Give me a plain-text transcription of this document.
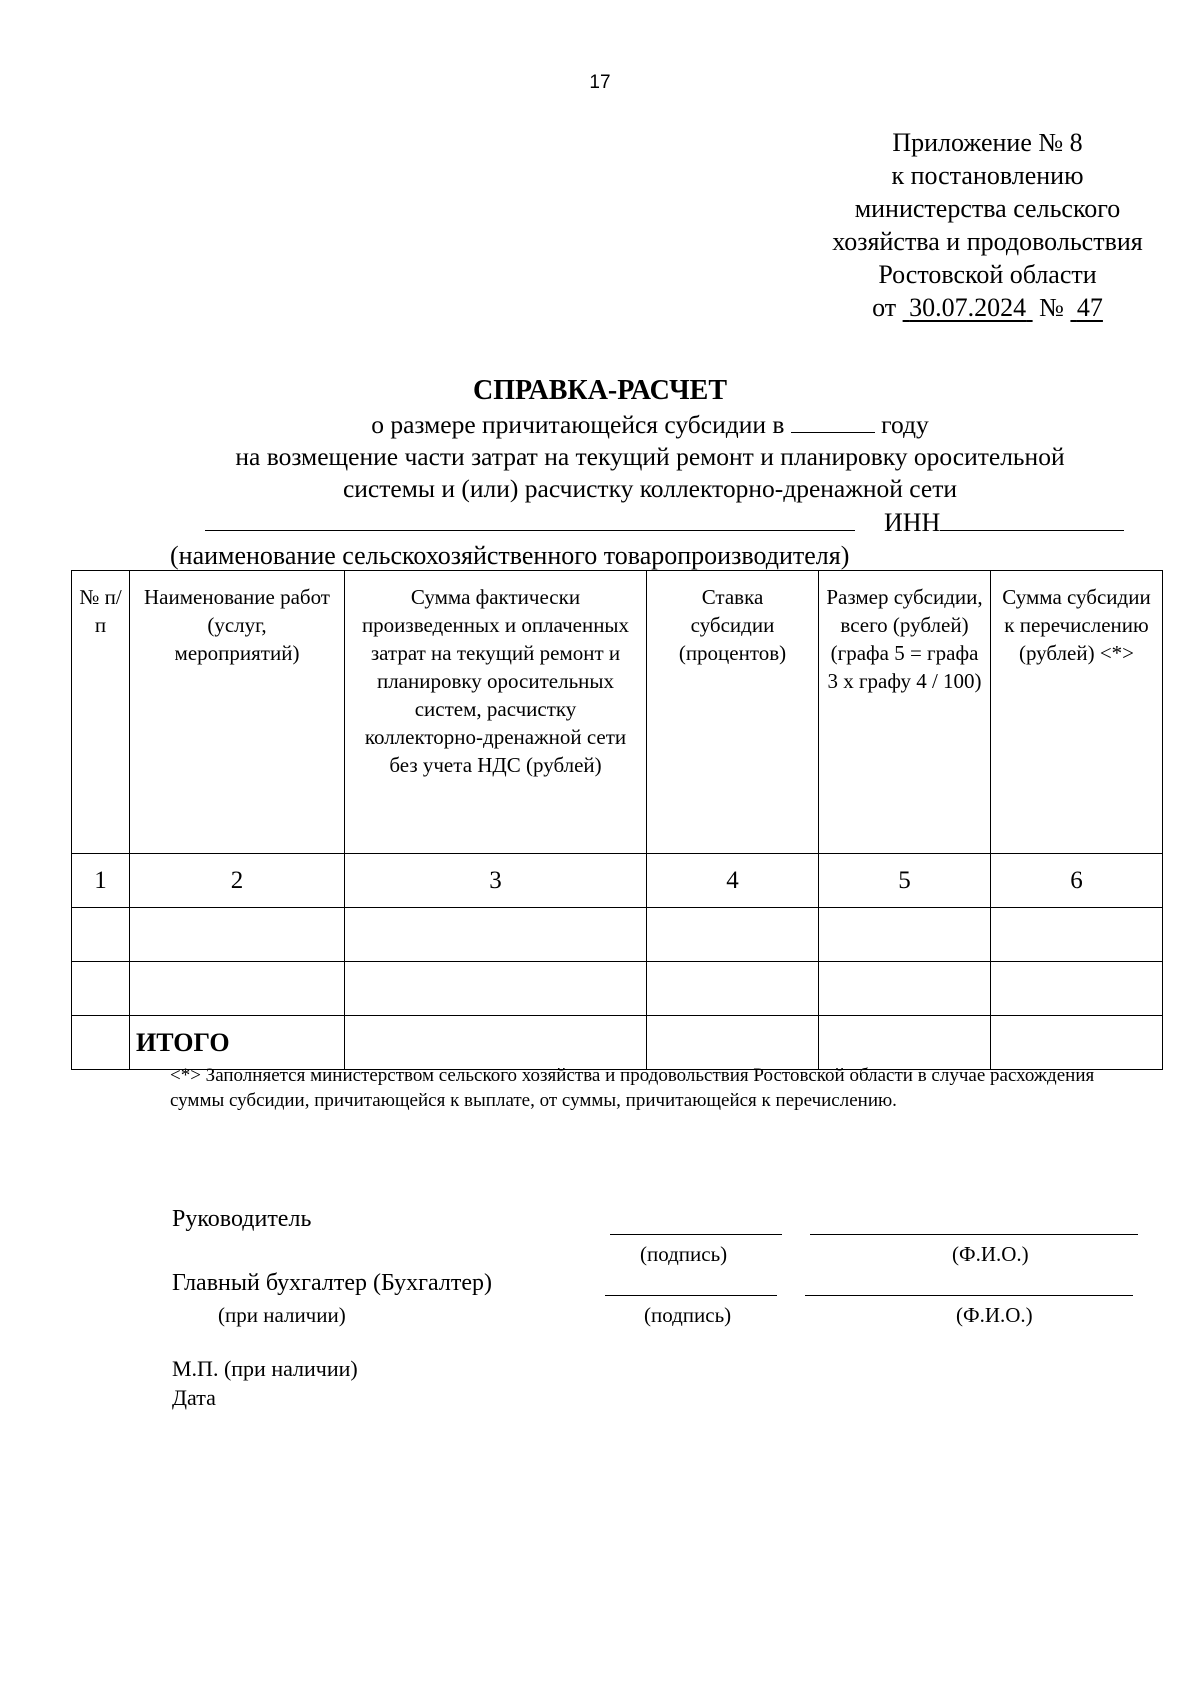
17
Приложение № 8
к постановлению
министерства сельского
хозяйства и продовольствия
Ростовской области
от 30.07.2024 № 47
СПРАВКА-РАСЧЕТ
о размере причитающейся субсидии в	году
на возмещение части затрат на текущий ремонт и планировку оросительной
системы и (или) расчистку коллекторно-дренажной сети
ИНН
(наименование сельскохозяйственного товаропроизводителя)
№ п/п	Наименование работ (услуг, мероприятий)	Сумма фактически произведенных и оплаченных затрат на текущий ремонт и планировку оросительных систем, расчистку коллекторно-дренажной сети без учета НДС (рублей)	Ставка субсидии (процентов)	Размер субсидии, всего (рублей) (графа 5 = графа 3 х графу 4 / 100)	Сумма субсидии к перечислению (рублей) <*>
1	2	3	4	5	6

	ИТОГО				
<*> Заполняется министерством сельского хозяйства и продовольствия Ростовской области в случае расхождения суммы субсидии, причитающейся к выплате, от суммы, причитающейся к перечислению.
Руководитель
(подпись)	(Ф.И.О.)
Главный бухгалтер (Бухгалтер)
(при наличии)	(подпись)	(Ф.И.О.)
М.П. (при наличии)
Дата
